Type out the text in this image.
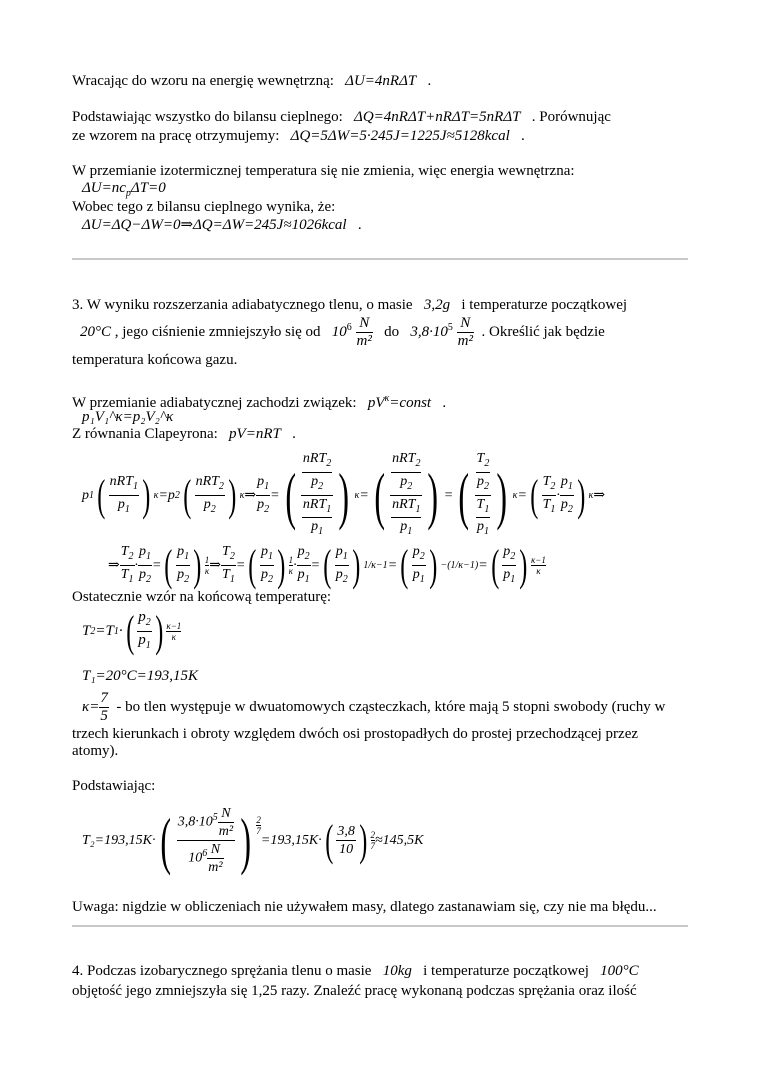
Wracając do wzoru na energię wewnętrzną: ΔU=4nRΔT .
Podstawiając wszystko do bilansu cieplnego: ΔQ=4nRΔT+nRΔT=5nRΔT . Porównując
ze wzorem na pracę otrzymujemy: ΔQ=5ΔW=5·245J=1225J≈5128kcal .
W przemianie izotermicznej temperatura się nie zmienia, więc energia wewnętrzna:
$\Delta U=nc_p\Delta T=0$
Wobec tego z bilansu cieplnego wynika, że:
ΔU=ΔQ−ΔW=0⇒ΔQ=ΔW=245J≈1026kcal .
3. W wyniku rozszerzania adiabatycznego tlenu, o masie 3,2g i temperaturze początkowej
20°C , jego ciśnienie zmniejszyło się od $10^6 \frac{N}{\text{m²}}$ do $3,8\cdot 10^5 \frac{N}{\text{m²}}$ . Określić jak będzie
temperatura końcowa gazu.
W przemianie adiabatycznej zachodzi związek: $pV^\kappa=const$ .
p₁V₁^κ=p₂V₂^κ
Z równania Clapeyrona: pV=nRT .
p 1 ( nRT$_1$
$p_1$ ) κ =p 2 ( nRT$_2$
$p_2$ ) κ ⇒
$p_1$
$p_2$
= (
nRT$_2$
$p_2$
nRT$_1$
$p_1$
) κ = (
nRT$_2$
$p_2$
nRT$_1$
$p_1$
) = ( $\frac{T_2}{p_2}$
$\frac{T_1}{p_1}$ ) κ = ( $T_2$
$T_1$
·
$p_1$
$p_2$ ) κ ⇒
⇒
$T_2$
$T_1$
·
$p_1$
$p_2$
= ( $p_1$
$p_2$ ) 1
κ ⇒
$T_2$
$T_1$
= ( $p_1$
$p_2$ ) 1
κ ·
$p_2$
$p_1$
= ( $p_1$
$p_2$ ) 1/κ−1 = ( $p_2$
$p_1$ ) −(1/κ−1) = ( $p_2$
$p_1$ ) κ−1
κ
Ostatecznie wzór na końcową temperaturę:
T 2 =T 1 · ( $p_2$
$p_1$ ) κ−1
κ
T₁=20°C=193,15K
$\kappa= \frac{7}{5}$
- bo tlen występuje w dwuatomowych cząsteczkach, które mają 5 stopni swobody (ruchy w
trzech kierunkach i obroty względem dwóch osi prostopadłych do prostej przechodzącej przez
atomy).
Podstawiając:
T₂=193,15K· ( $3,8\cdot 10^5 \frac{N}{\text{m²}}$
$10^6 \frac{N}{\text{m²}}$ ) $\frac{2}{7}$
=193,15K· ( 3,8
10 ) $\frac{2}{7} \approx 145,5K$
Uwaga: nigdzie w obliczeniach nie używałem masy, dlatego zastanawiam się, czy nie ma błędu...
4. Podczas izobarycznego sprężania tlenu o masie 10kg i temperaturze początkowej 100°C
objętość jego zmniejszyła się 1,25 razy. Znaleźć pracę wykonaną podczas sprężania oraz ilość
